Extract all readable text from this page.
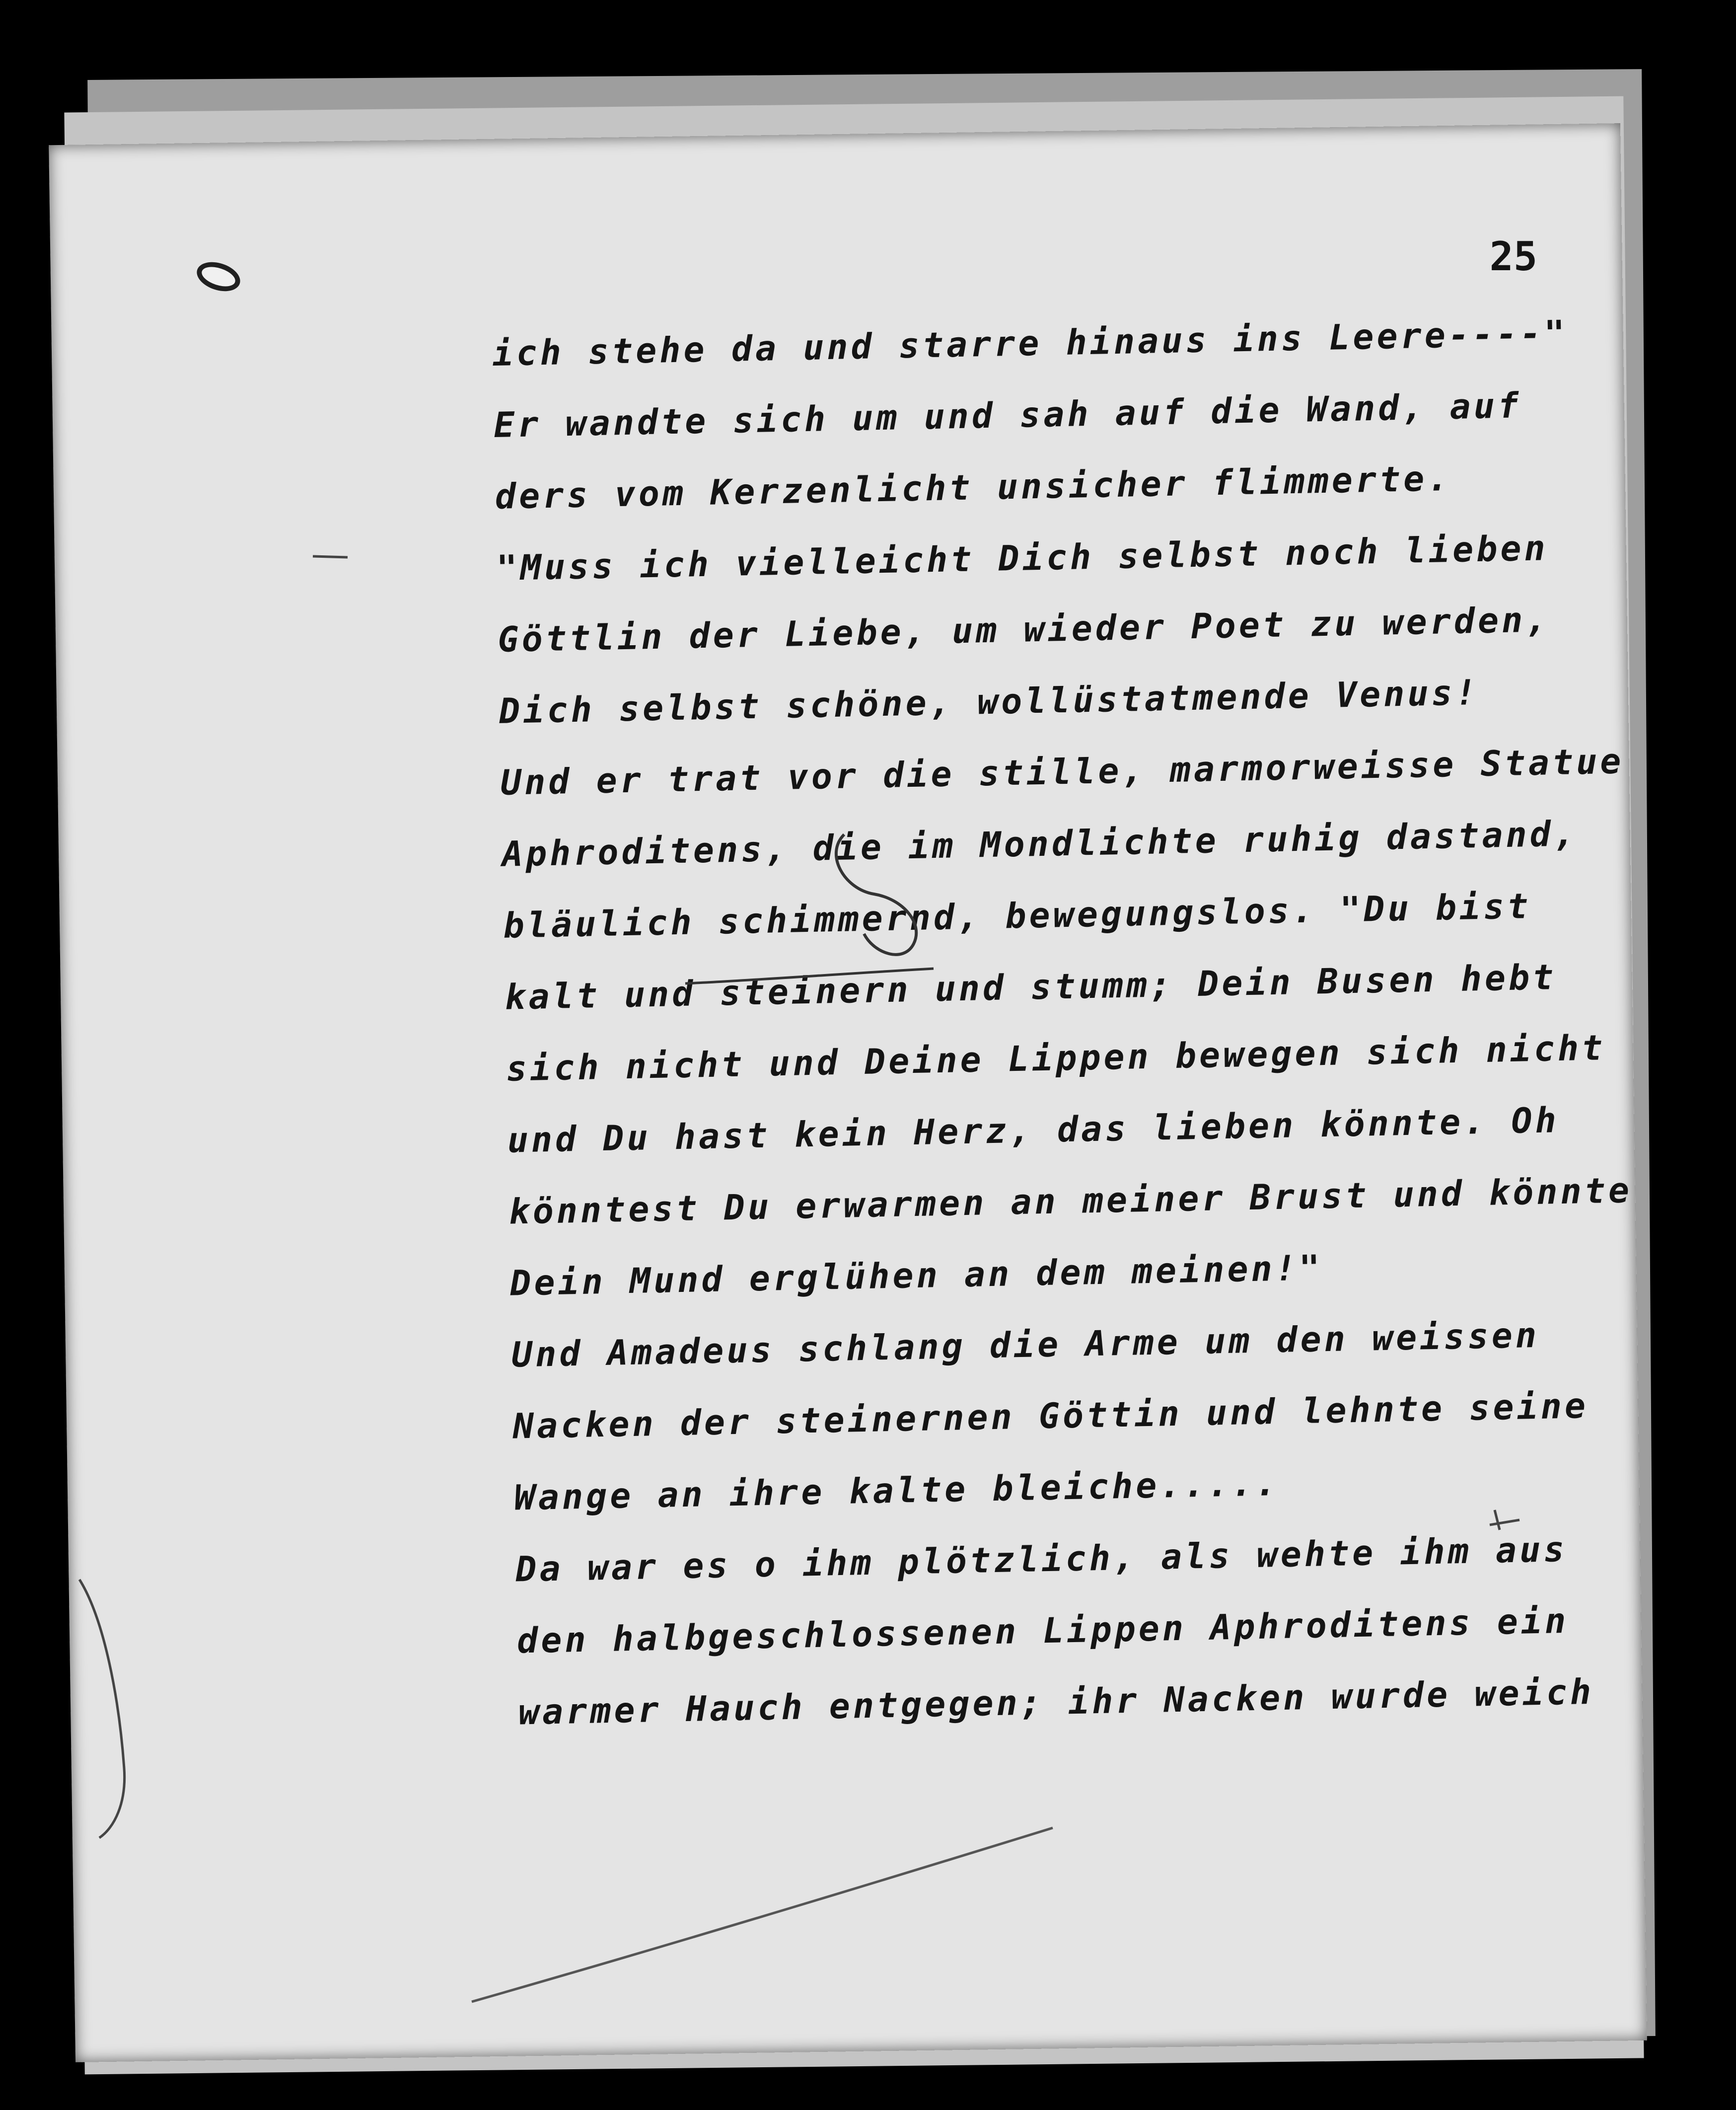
25
ich stehe da und starre hinaus ins Leere----"
Er wandte sich um und sah auf die Wand, auf
ders vom Kerzenlicht unsicher flimmerte.
"Muss ich vielleicht Dich selbst noch lieben
Göttlin der Liebe, um wieder Poet zu werden,
Dich selbst schöne, wollüstatmende Venus!
Und er trat vor die stille, marmorweisse Statue
Aphroditens, die im Mondlichte ruhig dastand,
bläulich schimmernd, bewegungslos. "Du bist
kalt und steinern und stumm; Dein Busen hebt
sich nicht und Deine Lippen bewegen sich nicht
und Du hast kein Herz, das lieben könnte. Oh
könntest Du erwarmen an meiner Brust und könnte
Dein Mund erglühen an dem meinen!"
Und Amadeus schlang die Arme um den weissen
Nacken der steinernen Göttin und lehnte seine
Wange an ihre kalte bleiche.....
Da war es o ihm plötzlich, als wehte ihm aus
den halbgeschlossenen Lippen Aphroditens ein
warmer Hauch entgegen; ihr Nacken wurde weich
